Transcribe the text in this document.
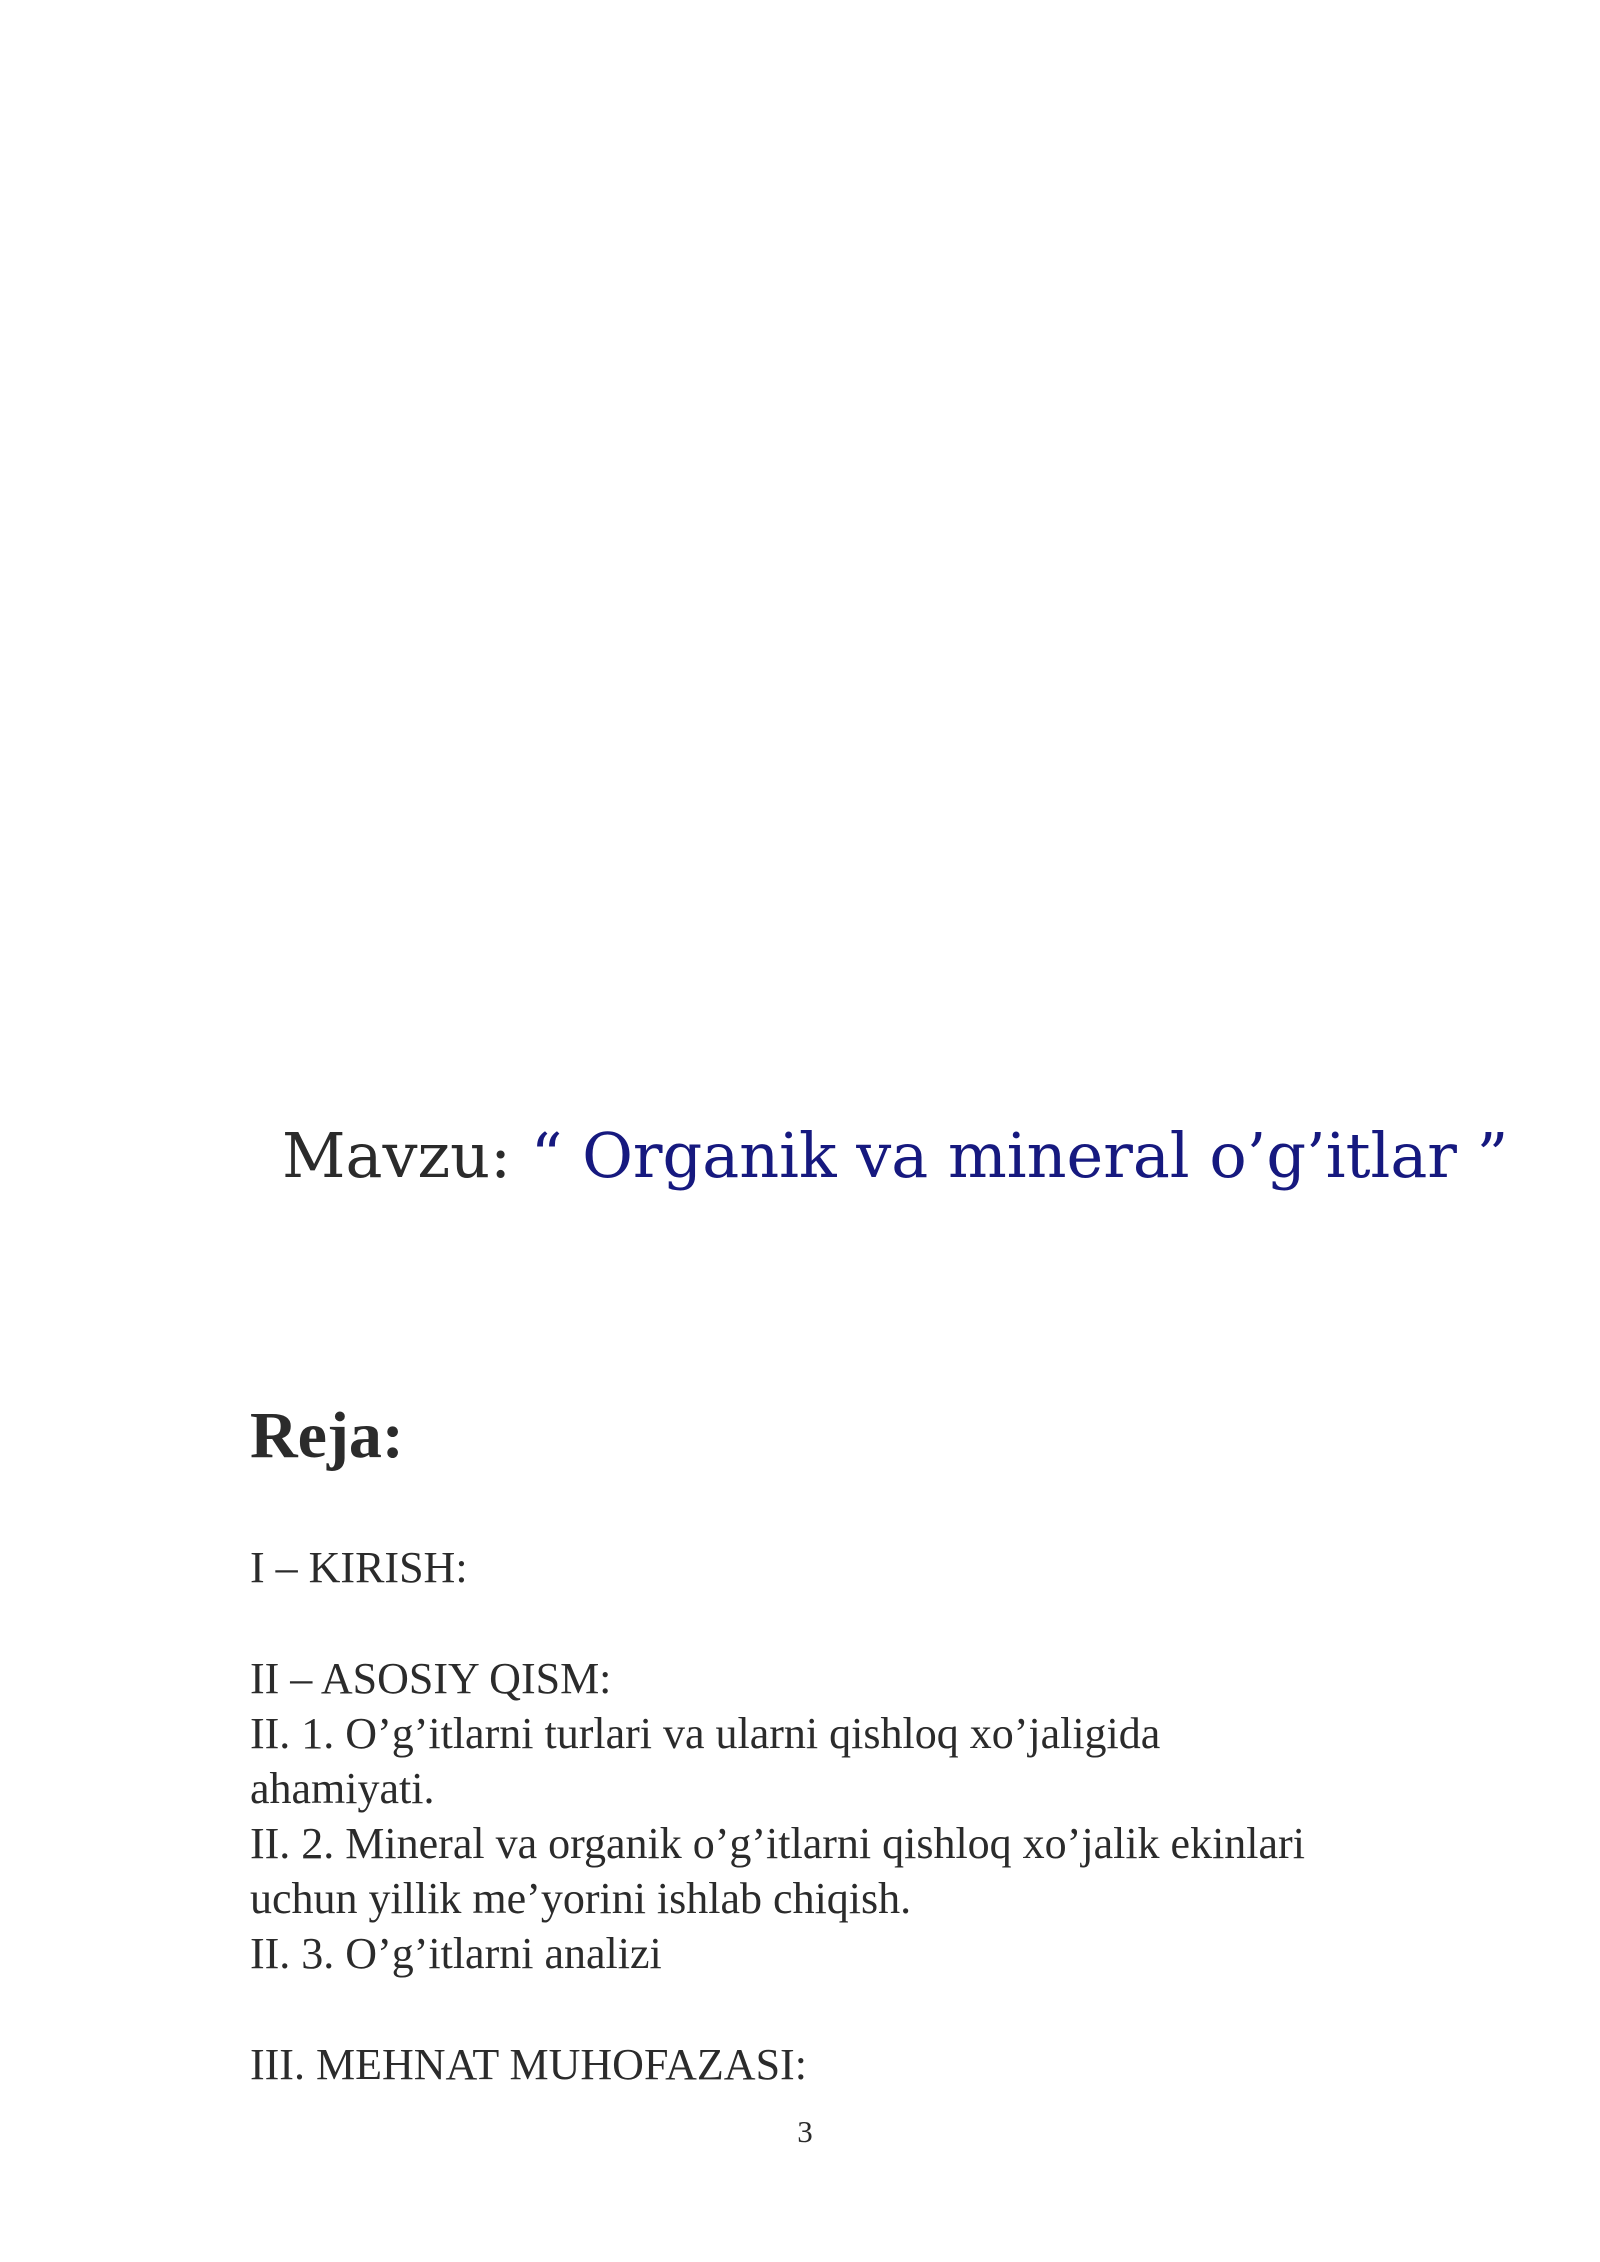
Mavzu: “ Organik va mineral o’g’itlar ”
Reja:
I – KIRISH:
II – ASOSIY QISM:
II. 1. O’g’itlarni turlari va ularni qishloq xo’jaligida
ahamiyati.
II. 2. Mineral va organik o’g’itlarni qishloq xo’jalik ekinlari
uchun yillik me’yorini ishlab chiqish.
II. 3. O’g’itlarni analizi
III. MEHNAT MUHOFAZASI:
3
